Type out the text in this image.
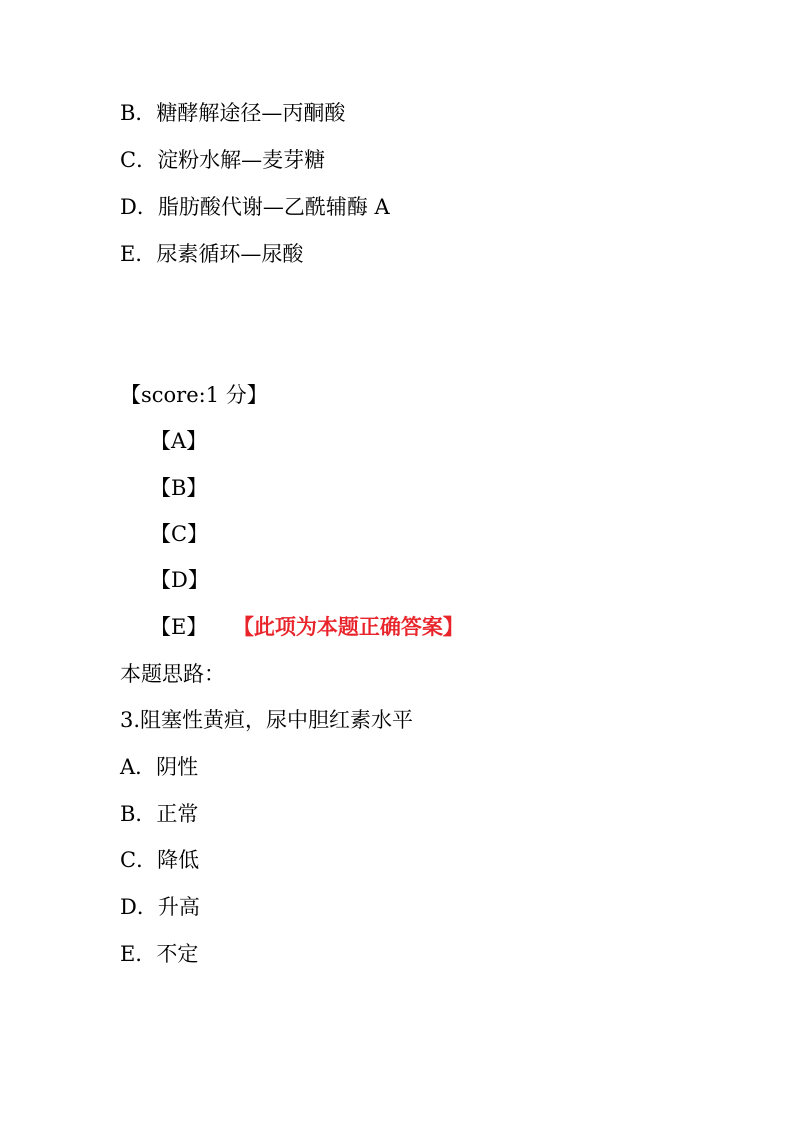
B．糖酵解途径—丙酮酸
C．淀粉水解—麦芽糖
D．脂肪酸代谢—乙酰辅酶 A
E．尿素循环—尿酸
【score:1 分】
【A】
【B】
【C】
【D】
【E】 【此项为本题正确答案】
本题思路：
3.阻塞性黄疸，尿中胆红素水平
A．阴性
B．正常
C．降低
D．升高
E．不定
